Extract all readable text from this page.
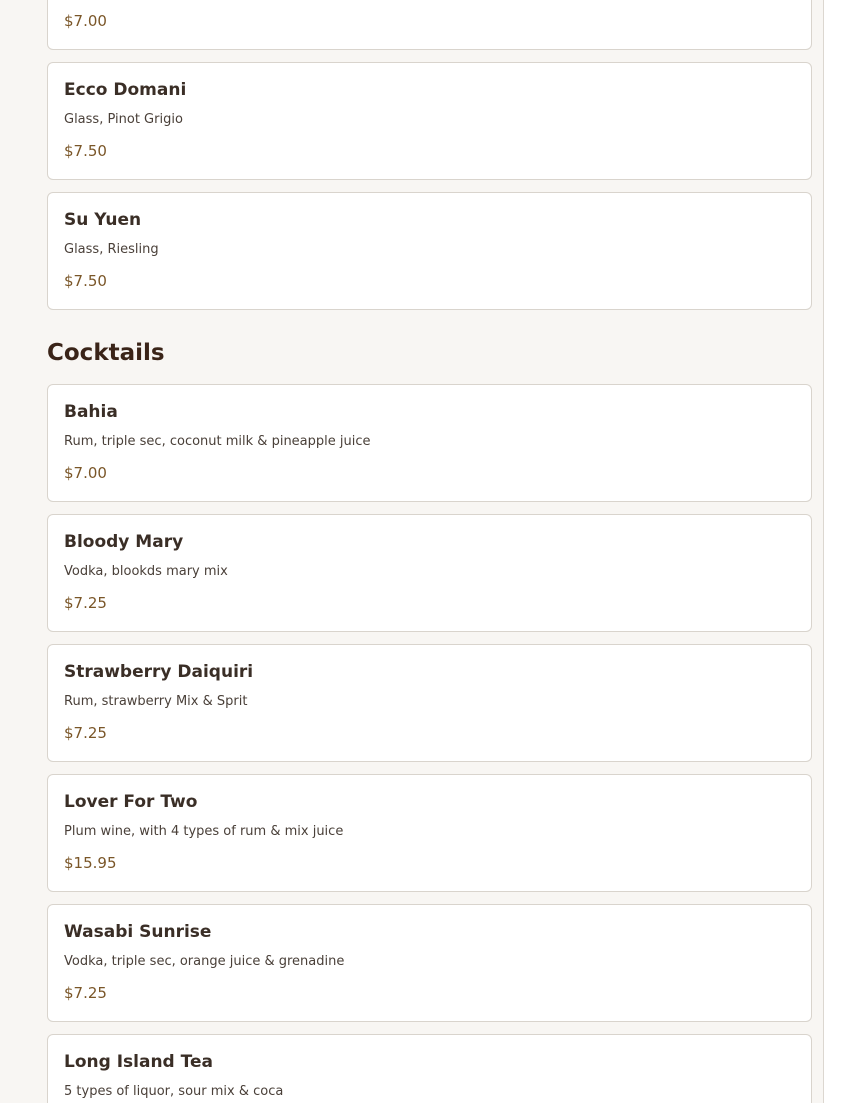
$7.00
Ecco Domani
Glass, Pinot Grigio
$7.50
Su Yuen
Glass, Riesling
$7.50
Cocktails
Bahia
Rum, triple sec, coconut milk & pineapple juice
$7.00
Bloody Mary
Vodka, blookds mary mix
$7.25
Strawberry Daiquiri
Rum, strawberry Mix & Sprit
$7.25
Lover For Two
Plum wine, with 4 types of rum & mix juice
$15.95
Wasabi Sunrise
Vodka, triple sec, orange juice & grenadine
$7.25
Long Island Tea
5 types of liquor, sour mix & coca
